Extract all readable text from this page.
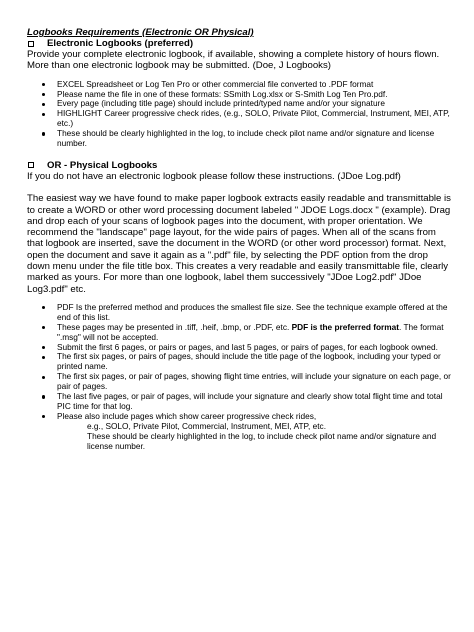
Logbooks Requirements (Electronic OR Physical)

Electronic Logbooks (preferred)

Provide your complete electronic logbook, if available, showing a complete history of hours flown. More than one electronic logbook may be submitted. (Doe, J Logbooks)

EXCEL Spreadsheet or Log Ten Pro or other commercial file converted to .PDF format
Please name the file in one of these formats: SSmith Log.xlsx or S-Smith Log Ten Pro.pdf.
Every page (including title page) should include printed/typed name and/or your signature
HIGHLIGHT Career progressive check rides, (e.g., SOLO, Private Pilot, Commercial, Instrument, MEI, ATP, etc.)
These should be clearly highlighted in the log, to include check pilot name and/or signature and license number.
OR - Physical Logbooks

If you do not have an electronic logbook please follow these instructions. (JDoe Log.pdf)

The easiest way we have found to make paper logbook extracts easily readable and transmittable is to create a WORD or other word processing document labeled " JDOE Logs.docx " (example). Drag and drop each of your scans of logbook pages into the document, with proper orientation. We recommend the "landscape" page layout, for the wide pairs of pages. When all of the scans from that logbook are inserted, save the document in the WORD (or other word processor) format. Next, open the document and save it again as a ".pdf" file, by selecting the PDF option from the drop down menu under the file title box. This creates a very readable and easily transmittable file, clearly marked as yours. For more than one logbook, label them successively "JDoe Log2.pdf" JDoe Log3.pdf" etc.

PDF Is the preferred method and produces the smallest file size. See the technique example offered at the end of this list.
These pages may be presented in .tiff, .heif, .bmp, or .PDF, etc. PDF is the preferred format. The format ".msg" will not be accepted.
Submit the first 6 pages, or pairs or pages, and last 5 pages, or pairs of pages, for each logbook owned.
The first six pages, or pairs of pages, should include the title page of the logbook, including your typed or printed name.
The first six pages, or pair of pages, showing flight time entries, will include your signature on each page, or pair of pages.
The last five pages, or pair of pages, will include your signature and clearly show total flight time and total PIC time for that log.
Please also include pages which show career progressive check rides,
e.g., SOLO, Private Pilot, Commercial, Instrument, MEI, ATP, etc.
These should be clearly highlighted in the log, to include check pilot name and/or signature and license number.
